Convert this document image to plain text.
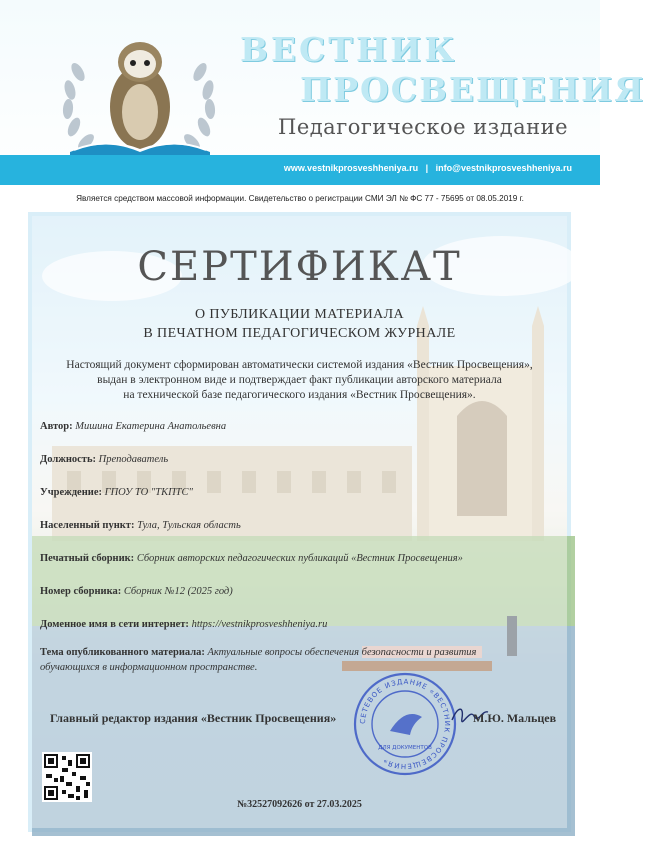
ВЕСТНИК
ПРОСВЕЩЕНИЯ
Педагогическое издание
www.vestnikprosveshheniya.ru | info@vestnikprosveshheniya.ru
Является средством массовой информации. Свидетельство о регистрации СМИ ЭЛ № ФС 77 - 75695 от 08.05.2019 г.
СЕРТИФИКАТ
О ПУБЛИКАЦИИ МАТЕРИАЛА
В ПЕЧАТНОМ ПЕДАГОГИЧЕСКОМ ЖУРНАЛЕ
Настоящий документ сформирован автоматически системой издания «Вестник Просвещения»,
выдан в электронном виде и подтверждает факт публикации авторского материала
на технической базе педагогического издания «Вестник Просвещения».
Автор: Мишина Екатерина Анатольевна
Должность: Преподаватель
Учреждение: ГПОУ ТО "ТКПТС"
Населенный пункт: Тула, Тульская область
Печатный сборник: Сборник авторских педагогических публикаций «Вестник Просвещения»
Номер сборника: Сборник №12 (2025 год)
Доменное имя в сети интернет: https://vestnikprosveshheniya.ru
Тема опубликованного материала: Актуальные вопросы обеспечения безопасности и развития
обучающихся в информационном пространстве.
Главный редактор издания «Вестник Просвещения»	СЕТЕВОЕ ИЗДАНИЕ «ВЕСТНИК ПРОСВЕЩЕНИЯ»
ДЛЯ ДОКУМЕНТОВ
М.Ю. Мальцев
№32527092626 от 27.03.2025
